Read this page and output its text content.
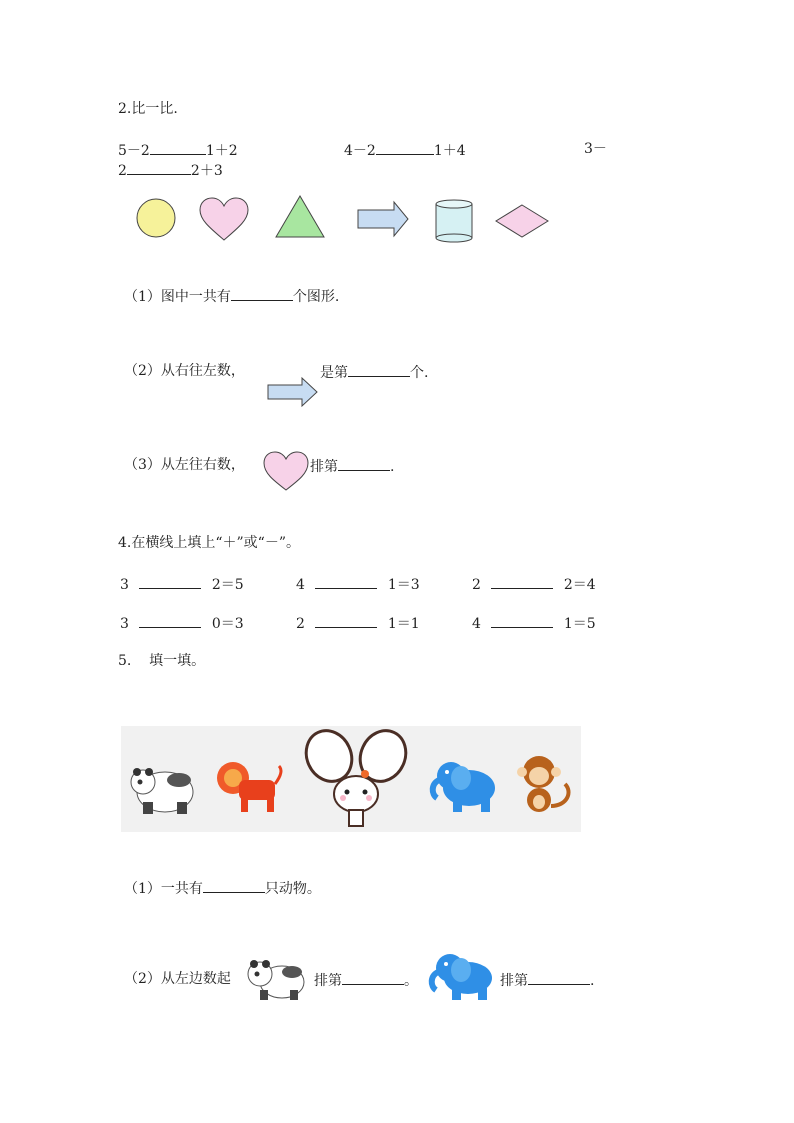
2.比一比.
5－2	1＋2	4－2	1＋4	3－
2	2＋3
（1）图中一共有	个图形.
（2）从右往左数，	是第	个.
（3）从左往右数，	排第	.
4.在横线上填上“＋”或“－”。
3	2＝5	4	1＝3	2	2＝4
3	0＝3	2	1＝1	4	1＝5
5.    填一填。
（1）一共有	只动物。
（2）从左边数起	排第	。	排第	.
